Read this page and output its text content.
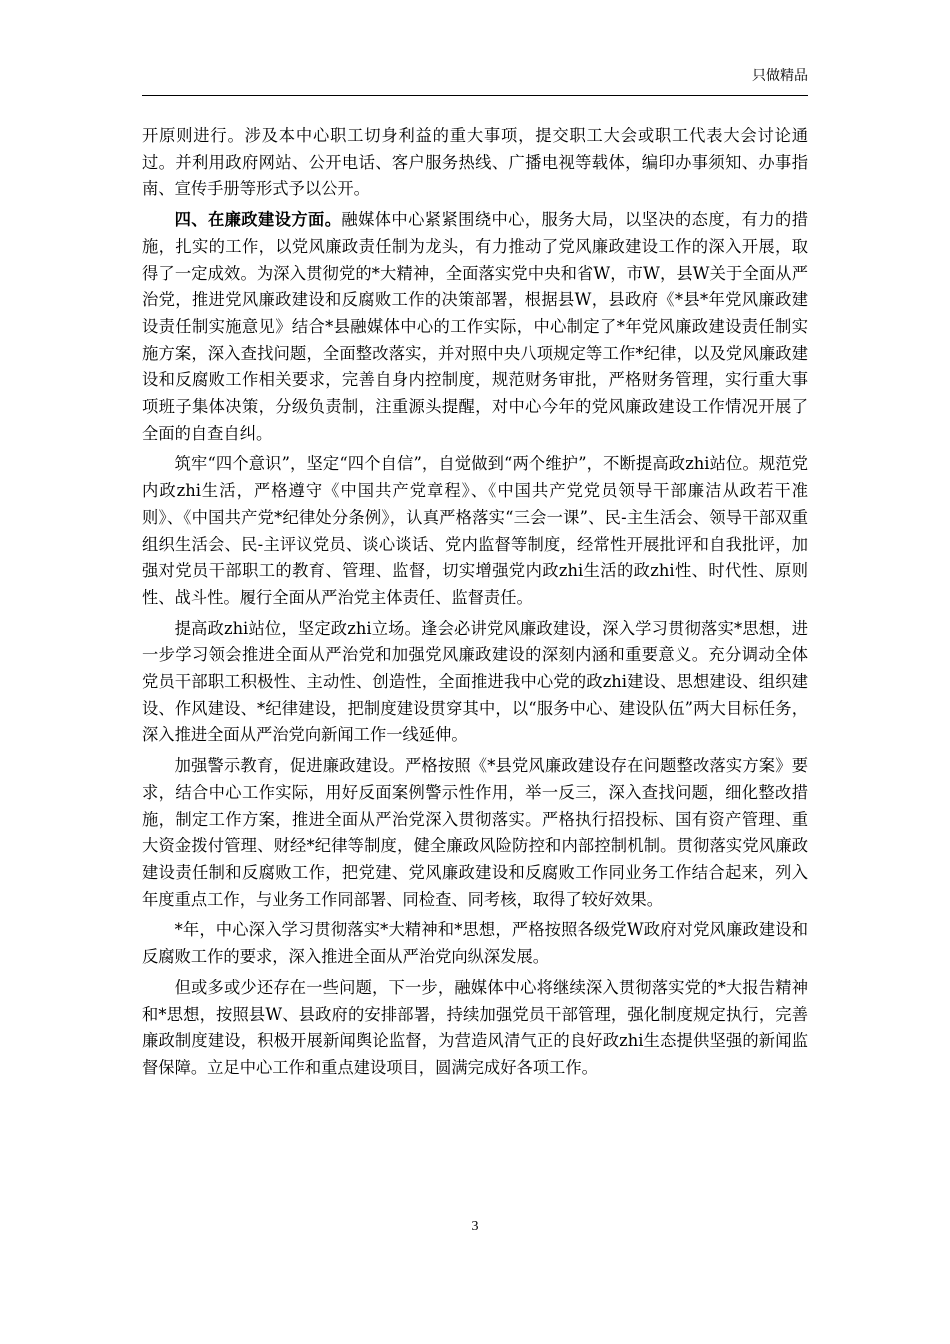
只做精品

开原则进行。涉及本中心职工切身利益的重大事项，提交职工大会或职工代表大会讨论通过。并利用政府网站、公开电话、客户服务热线、广播电视等载体，编印办事须知、办事指南、宣传手册等形式予以公开。

四、在廉政建设方面。融媒体中心紧紧围绕中心，服务大局，以坚决的态度，有力的措施，扎实的工作，以党风廉政责任制为龙头，有力推动了党风廉政建设工作的深入开展，取得了一定成效。为深入贯彻党的*大精神，全面落实党中央和省W，市W，县W关于全面从严治党，推进党风廉政建设和反腐败工作的决策部署，根据县W，县政府《*县*年党风廉政建设责任制实施意见》结合*县融媒体中心的工作实际，中心制定了*年党风廉政建设责任制实施方案，深入查找问题，全面整改落实，并对照中央八项规定等工作*纪律，以及党风廉政建设和反腐败工作相关要求，完善自身内控制度，规范财务审批，严格财务管理，实行重大事项班子集体决策，分级负责制，注重源头提醒，对中心今年的党风廉政建设工作情况开展了全面的自查自纠。

筑牢“四个意识”，坚定“四个自信”，自觉做到“两个维护”，不断提高政zhi站位。规范党内政zhi生活，严格遵守《中国共产党章程》、《中国共产党党员领导干部廉洁从政若干准则》、《中国共产党*纪律处分条例》，认真严格落实“三会一课”、民-主生活会、领导干部双重组织生活会、民-主评议党员、谈心谈话、党内监督等制度，经常性开展批评和自我批评，加强对党员干部职工的教育、管理、监督，切实增强党内政zhi生活的政zhi性、时代性、原则性、战斗性。履行全面从严治党主体责任、监督责任。

提高政zhi站位，坚定政zhi立场。逢会必讲党风廉政建设，深入学习贯彻落实*思想，进一步学习领会推进全面从严治党和加强党风廉政建设的深刻内涵和重要意义。充分调动全体党员干部职工积极性、主动性、创造性，全面推进我中心党的政zhi建设、思想建设、组织建设、作风建设、*纪律建设，把制度建设贯穿其中，以“服务中心、建设队伍”两大目标任务，深入推进全面从严治党向新闻工作一线延伸。

加强警示教育，促进廉政建设。严格按照《*县党风廉政建设存在问题整改落实方案》要求，结合中心工作实际，用好反面案例警示性作用，举一反三，深入查找问题，细化整改措施，制定工作方案，推进全面从严治党深入贯彻落实。严格执行招投标、国有资产管理、重大资金拨付管理、财经*纪律等制度，健全廉政风险防控和内部控制机制。贯彻落实党风廉政建设责任制和反腐败工作，把党建、党风廉政建设和反腐败工作同业务工作结合起来，列入年度重点工作，与业务工作同部署、同检查、同考核，取得了较好效果。

*年，中心深入学习贯彻落实*大精神和*思想，严格按照各级党W政府对党风廉政建设和反腐败工作的要求，深入推进全面从严治党向纵深发展。

但或多或少还存在一些问题，下一步，融媒体中心将继续深入贯彻落实党的*大报告精神和*思想，按照县W、县政府的安排部署，持续加强党员干部管理，强化制度规定执行，完善廉政制度建设，积极开展新闻舆论监督，为营造风清气正的良好政zhi生态提供坚强的新闻监督保障。立足中心工作和重点建设项目，圆满完成好各项工作。

3
